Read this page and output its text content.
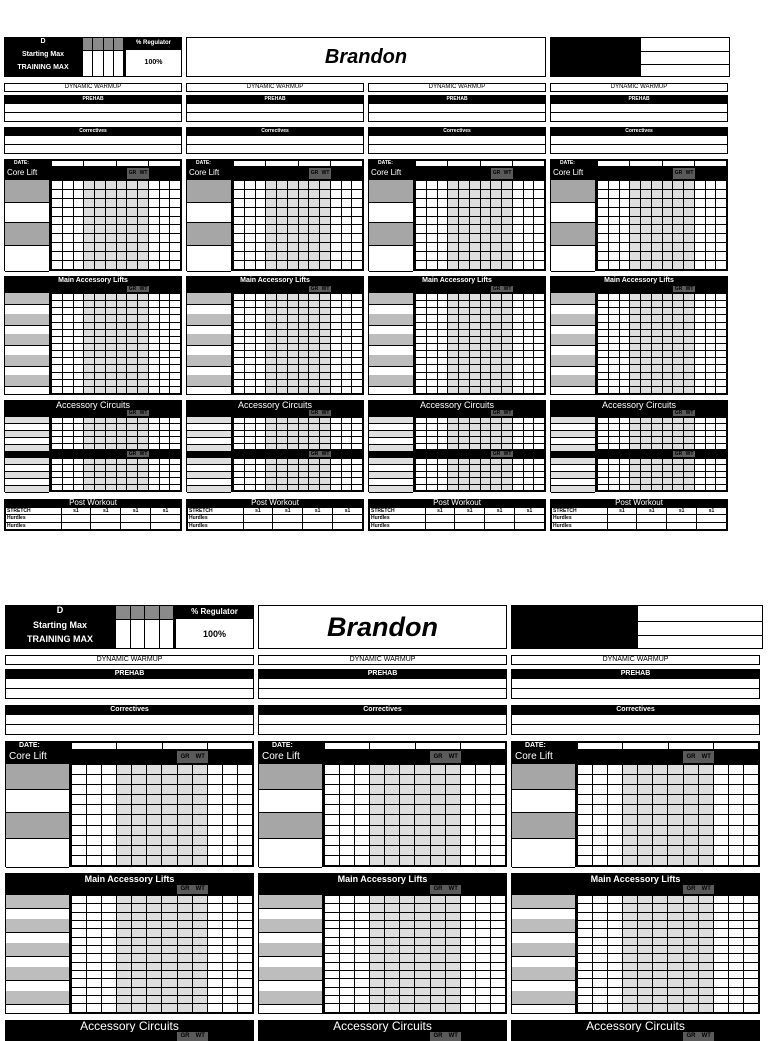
D
Starting Max
TRAINING MAX
% Regulator
100%	Brandon
DYNAMIC WARMUP
PREHAB
Correctives
DATE:
Core Lift
				Sets GR WT Sets GR WT Sets GR WT Sets GR WT

Main Accessory Lifts
Sets GR WT Sets GR WT Sets GR WT Sets GR WT

Accessory Circuits
Sets GR WT Sets GR WT Sets GR WT Sets GR WT

Sets GR WT Sets GR WT Sets GR WT Sets GR WT

Post Workout
STRETCH	s1	s1	s1	s1
Hurdles				
Hurdles				
DYNAMIC WARMUP
PREHAB
Correctives
DATE:
Core Lift
				Sets GR WT Sets GR WT Sets GR WT Sets GR WT

Main Accessory Lifts
Sets GR WT Sets GR WT Sets GR WT Sets GR WT

Accessory Circuits
Sets GR WT Sets GR WT Sets GR WT Sets GR WT

Sets GR WT Sets GR WT Sets GR WT Sets GR WT

Post Workout
STRETCH	s1	s1	s1	s1
Hurdles				
Hurdles				
DYNAMIC WARMUP
PREHAB
Correctives
DATE:
Core Lift
				Sets GR WT Sets GR WT Sets GR WT Sets GR WT

Main Accessory Lifts
Sets GR WT Sets GR WT Sets GR WT Sets GR WT

Accessory Circuits
Sets GR WT Sets GR WT Sets GR WT Sets GR WT

Sets GR WT Sets GR WT Sets GR WT Sets GR WT

Post Workout
STRETCH	s1	s1	s1	s1
Hurdles				
Hurdles				
DYNAMIC WARMUP
PREHAB
Correctives
DATE:
Core Lift
				Sets GR WT Sets GR WT Sets GR WT Sets GR WT

Main Accessory Lifts
Sets GR WT Sets GR WT Sets GR WT Sets GR WT

Accessory Circuits
Sets GR WT Sets GR WT Sets GR WT Sets GR WT

Sets GR WT Sets GR WT Sets GR WT Sets GR WT

Post Workout
STRETCH	s1	s1	s1	s1
Hurdles				
Hurdles				
D
Starting Max
TRAINING MAX
% Regulator
100%	Brandon
DYNAMIC WARMUP
PREHAB
Correctives
DATE:
Core Lift
				Sets GR	WT Sets GR	WT Sets GR	WT Sets GR	WT

Main Accessory Lifts
Sets GR	WT Sets GR	WT Sets GR	WT Sets GR	WT

Accessory Circuits
Sets GR	WT Sets GR	WT Sets GR	WT Sets GR	WT
DYNAMIC WARMUP
PREHAB
Correctives
DATE:
Core Lift
				Sets GR	WT Sets GR	WT Sets GR	WT Sets GR	WT

Main Accessory Lifts
Sets GR	WT Sets GR	WT Sets GR	WT Sets GR	WT

Accessory Circuits
Sets GR	WT Sets GR	WT Sets GR	WT Sets GR	WT
DYNAMIC WARMUP
PREHAB
Correctives
DATE:
Core Lift
				Sets GR	WT Sets GR	WT Sets GR	WT Sets GR	WT

Main Accessory Lifts
Sets GR	WT Sets GR	WT Sets GR	WT Sets GR	WT

Accessory Circuits
Sets GR	WT Sets GR	WT Sets GR	WT Sets GR	WT
